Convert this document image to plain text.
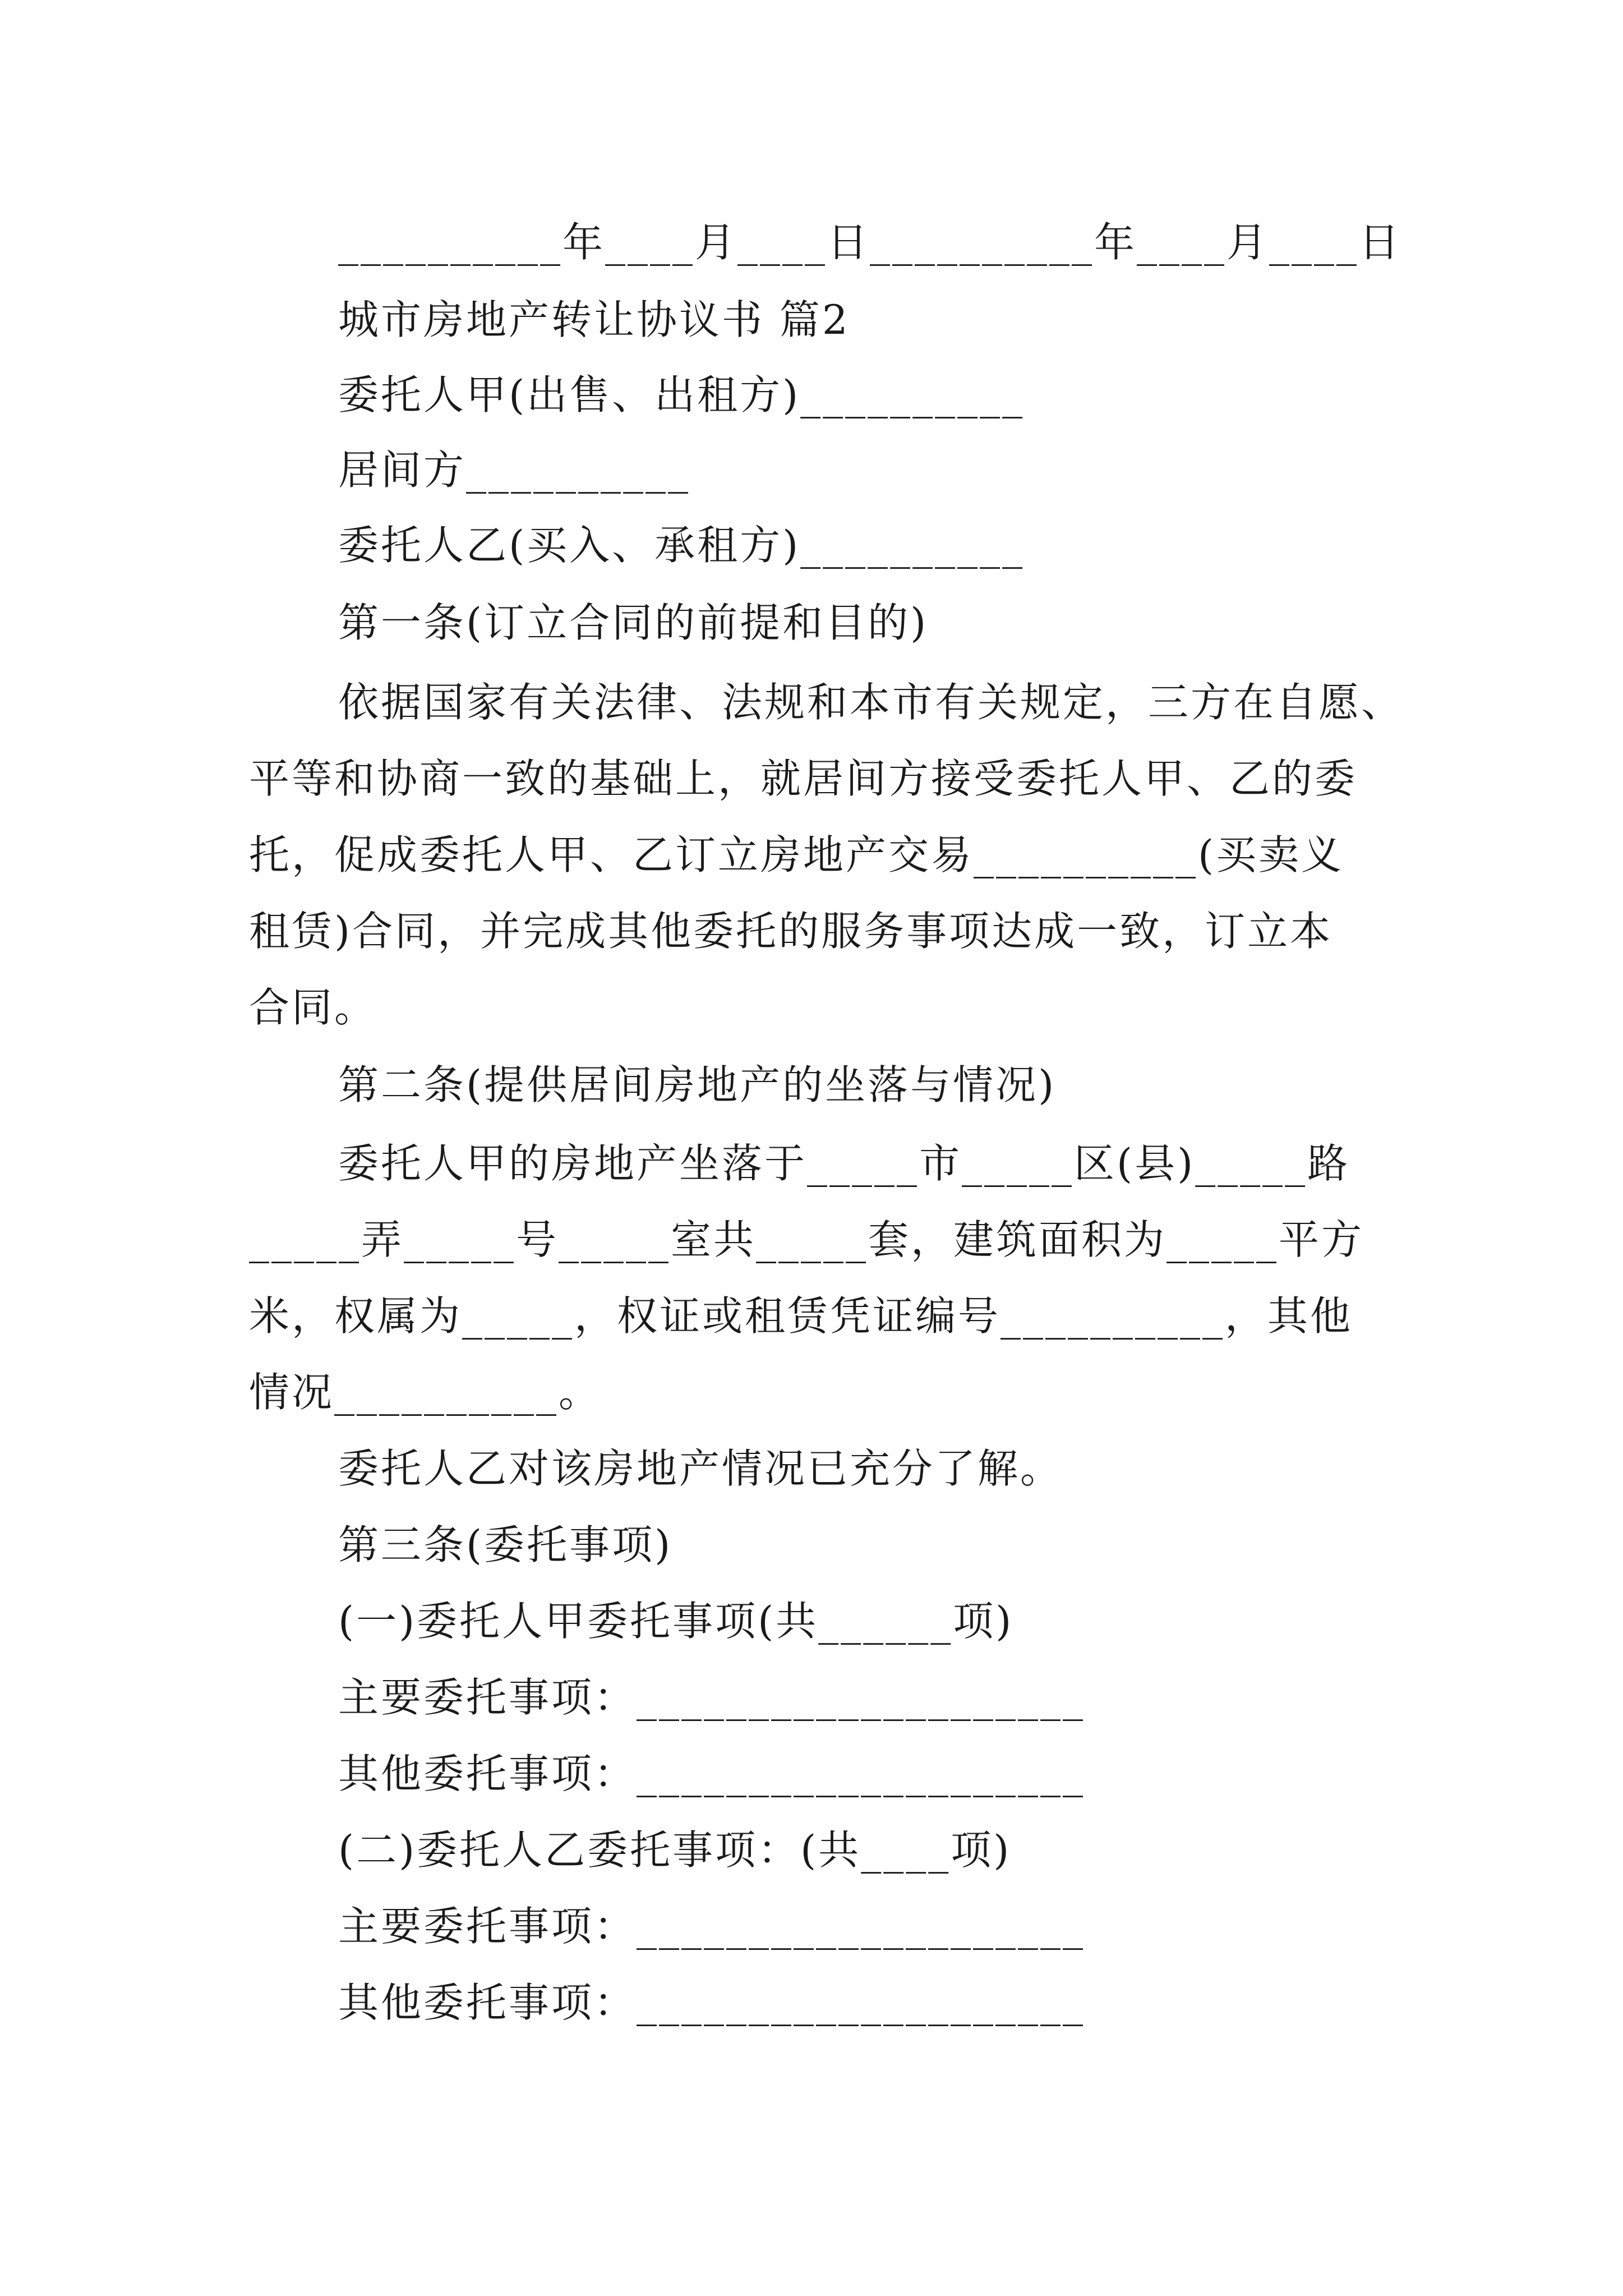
__________年____月____日__________年____月____日
城市房地产转让协议书 篇2
委托人甲(出售、出租方)__________
居间方__________
委托人乙(买入、承租方)__________
第一条(订立合同的前提和目的)
依据国家有关法律、法规和本市有关规定，三方在自愿、
平等和协商一致的基础上，就居间方接受委托人甲、乙的委
托，促成委托人甲、乙订立房地产交易__________(买卖义
租赁)合同，并完成其他委托的服务事项达成一致，订立本
合同。
第二条(提供居间房地产的坐落与情况)
委托人甲的房地产坐落于_____市_____区(县)_____路
_____弄_____号_____室共_____套，建筑面积为_____平方
米，权属为_____，权证或租赁凭证编号__________，其他
情况__________。
委托人乙对该房地产情况已充分了解。
第三条(委托事项)
(一)委托人甲委托事项(共______项)
主要委托事项：____________________
其他委托事项：____________________
(二)委托人乙委托事项：(共____项)
主要委托事项：____________________
其他委托事项：____________________
